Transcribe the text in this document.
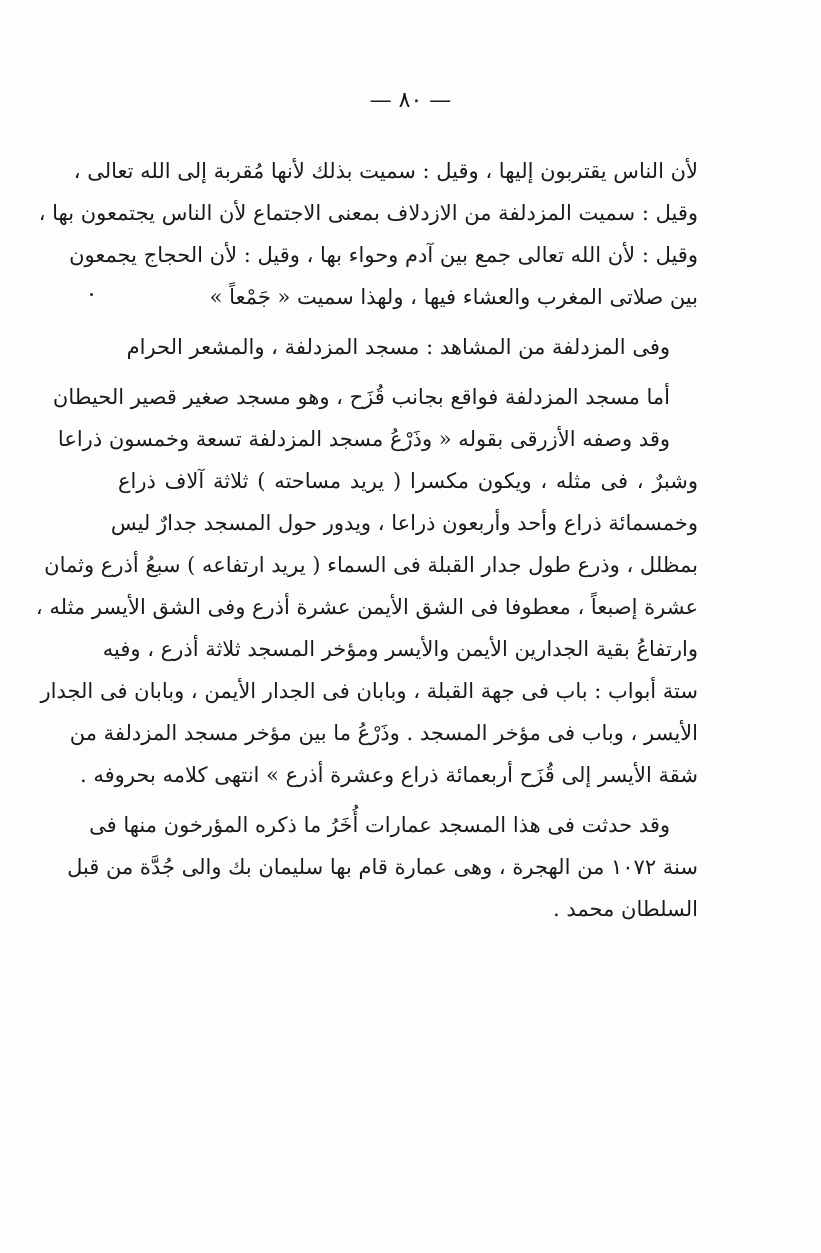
— ٨٠ —
لأن الناس يقتربون إليها ، وقيل : سميت بذلك لأنها مُقربة إلى الله تعالى ،
وقيل : سميت المزدلفة من الازدلاف بمعنى الاجتماع لأن الناس يجتمعون بها ،
وقيل : لأن الله تعالى جمع بين آدم وحواء بها ، وقيل : لأن الحجاج يجمعون
بين صلاتى المغرب والعشاء فيها ، ولهذا سميت « جَمْعاً »
وفى المزدلفة من المشاهد : مسجد المزدلفة ، والمشعر الحرام
أما مسجد المزدلفة فواقع بجانب قُزَح ، وهو مسجد صغير قصير الحيطان
وقد وصفه الأزرقى بقوله « وذَرْعُ مسجد المزدلفة تسعة وخمسون ذراعا
وشبرٌ ، فى مثله ، ويكون مكسرا ( يريد مساحته ) ثلاثة آلاف ذراع
وخمسمائة ذراع وأحد وأربعون ذراعا ، ويدور حول المسجد جدارٌ ليس
بمظلل ، وذرع طول جدار القبلة فى السماء ( يريد ارتفاعه ) سبعُ أذرع وثمان
عشرة إصبعاً ، معطوفا فى الشق الأيمن عشرة أذرع وفى الشق الأيسر مثله ،
وارتفاعُ بقية الجدارين الأيمن والأيسر ومؤخر المسجد ثلاثة أذرع ، وفيه
ستة أبواب : باب فى جهة القبلة ، وبابان فى الجدار الأيمن ، وبابان فى الجدار
الأيسر ، وباب فى مؤخر المسجد . وذَرْعُ ما بين مؤخر مسجد المزدلفة من
شقة الأيسر إلى قُزَح أربعمائة ذراع وعشرة أذرع » انتهى كلامه بحروفه .
وقد حدثت فى هذا المسجد عمارات أُخَرُ ما ذكره المؤرخون منها فى
سنة ١٠٧٢ من الهجرة ، وهى عمارة قام بها سليمان بك والى جُدَّة من قبل
السلطان محمد .
